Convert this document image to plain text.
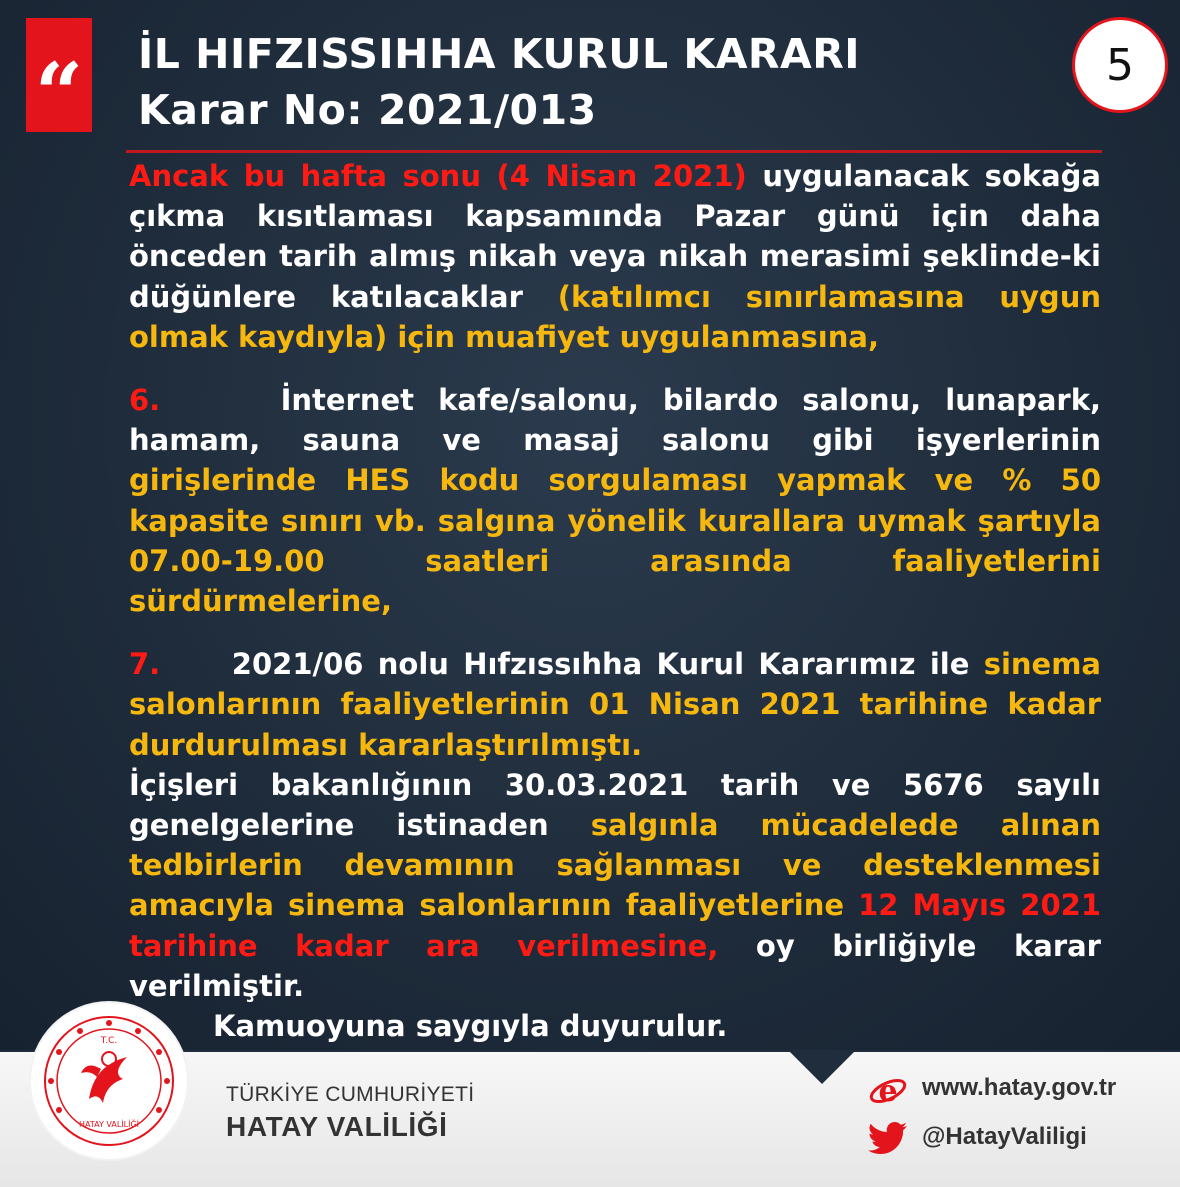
“ İL HIFZISSIHHA KURUL KARARI
Karar No: 2021/013
5

Ancak bu hafta sonu (4 Nisan 2021) uygulanacak sokağa çıkma kısıtlaması kapsamında Pazar günü için daha önceden tarih almış nikah veya nikah merasimi şeklinde-ki düğünlere katılacaklar (katılımcı sınırlamasına uygun olmak kaydıyla) için muafiyet uygulanmasına,

6.	İnternet kafe/salonu, bilardo salonu, lunapark, hamam, sauna ve masaj salonu gibi işyerlerinin girişlerinde HES kodu sorgulaması yapmak ve % 50 kapasite sınırı vb. salgına yönelik kurallara uymak şartıyla 07.00-19.00 saatleri arasında faaliyetlerini sürdürmelerine,

7. 2021/06 nolu Hıfzıssıhha Kurul Kararımız ile sinema salonlarının faaliyetlerinin 01 Nisan 2021 tarihine kadar durdurulması kararlaştırılmıştı.

İçişleri bakanlığının 30.03.2021 tarih ve 5676 sayılı genelgelerine istinaden salgınla mücadelede alınan tedbirlerin devamının sağlanması ve desteklenmesi amacıyla sinema salonlarının faaliyetlerine 12 Mayıs 2021 tarihine kadar ara verilmesine, oy birliğiyle karar verilmiştir.

Kamuoyuna saygıyla duyurulur.

T.C.
HATAY VALİLİĞİ
TÜRKİYE CUMHURİYETİ
HATAY VALİLİĞİ
e www.hatay.gov.tr
@HatayValiligi
